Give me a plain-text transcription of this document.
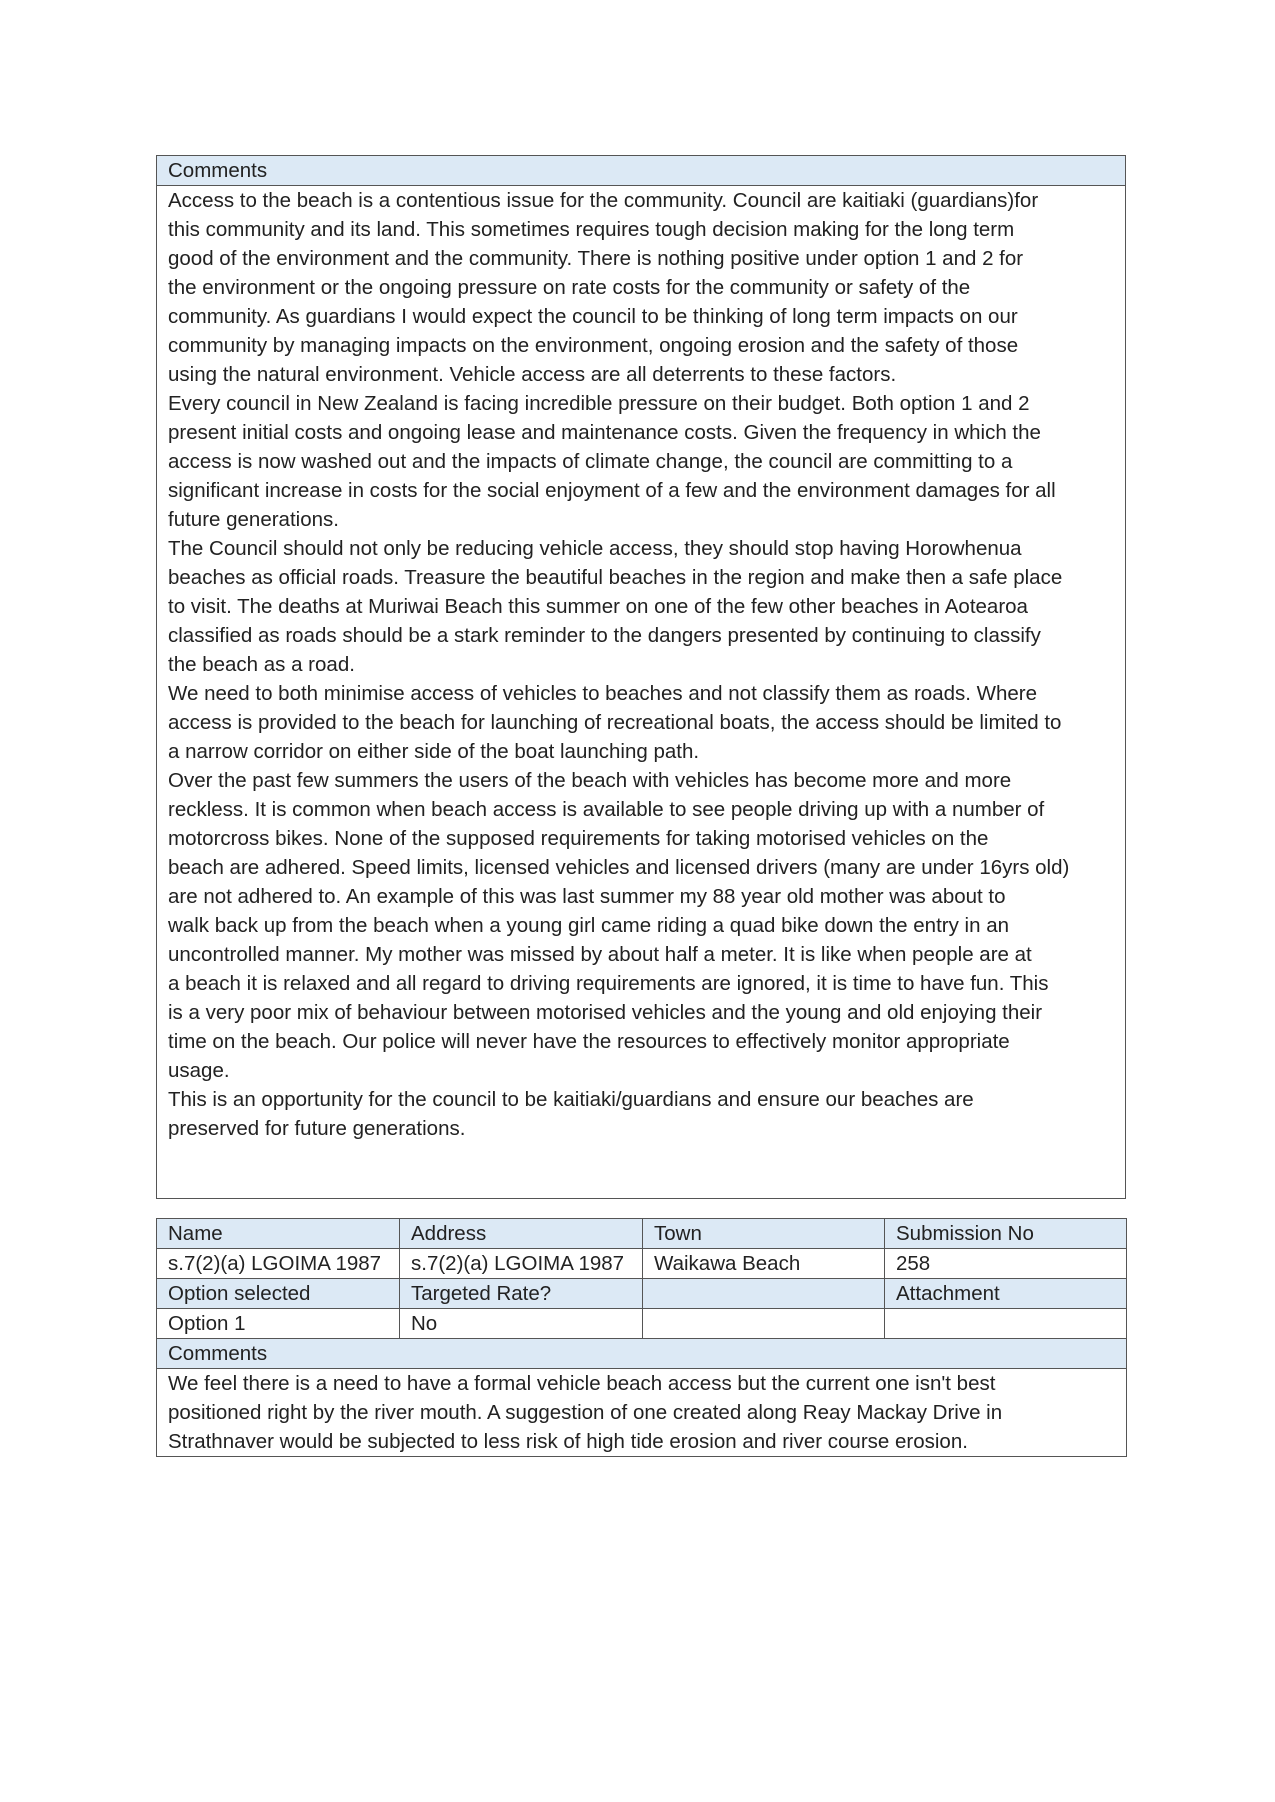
Comments

Access to the beach is a contentious issue for the community. Council are kaitiaki (guardians)for
this community and its land. This sometimes requires tough decision making for the long term
good of the environment and the community. There is nothing positive under option 1 and 2 for
the environment or the ongoing pressure on rate costs for the community or safety of the
community. As guardians I would expect the council to be thinking of long term impacts on our
community by managing impacts on the environment, ongoing erosion and the safety of those
using the natural environment. Vehicle access are all deterrents to these factors.
Every council in New Zealand is facing incredible pressure on their budget. Both option 1 and 2
present initial costs and ongoing lease and maintenance costs. Given the frequency in which the
access is now washed out and the impacts of climate change, the council are committing to a
significant increase in costs for the social enjoyment of a few and the environment damages for all
future generations.
The Council should not only be reducing vehicle access, they should stop having Horowhenua
beaches as official roads. Treasure the beautiful beaches in the region and make then a safe place
to visit. The deaths at Muriwai Beach this summer on one of the few other beaches in Aotearoa
classified as roads should be a stark reminder to the dangers presented by continuing to classify
the beach as a road.
We need to both minimise access of vehicles to beaches and not classify them as roads. Where
access is provided to the beach for launching of recreational boats, the access should be limited to
a narrow corridor on either side of the boat launching path.
Over the past few summers the users of the beach with vehicles has become more and more
reckless. It is common when beach access is available to see people driving up with a number of
motorcross bikes. None of the supposed requirements for taking motorised vehicles on the
beach are adhered. Speed limits, licensed vehicles and licensed drivers (many are under 16yrs old)
are not adhered to. An example of this was last summer my 88 year old mother was about to
walk back up from the beach when a young girl came riding a quad bike down the entry in an
uncontrolled manner. My mother was missed by about half a meter. It is like when people are at
a beach it is relaxed and all regard to driving requirements are ignored, it is time to have fun. This
is a very poor mix of behaviour between motorised vehicles and the young and old enjoying their
time on the beach. Our police will never have the resources to effectively monitor appropriate
usage.
This is an opportunity for the council to be kaitiaki/guardians and ensure our beaches are
preserved for future generations.
Name	Address	Town	Submission No
s.7(2)(a) LGOIMA 1987	s.7(2)(a) LGOIMA 1987	Waikawa Beach	258
Option selected	Targeted Rate?		Attachment
Option 1	No		
Comments			

We feel there is a need to have a formal vehicle beach access but the current one isn't best
positioned right by the river mouth. A suggestion of one created along Reay Mackay Drive in
Strathnaver would be subjected to less risk of high tide erosion and river course erosion.			
